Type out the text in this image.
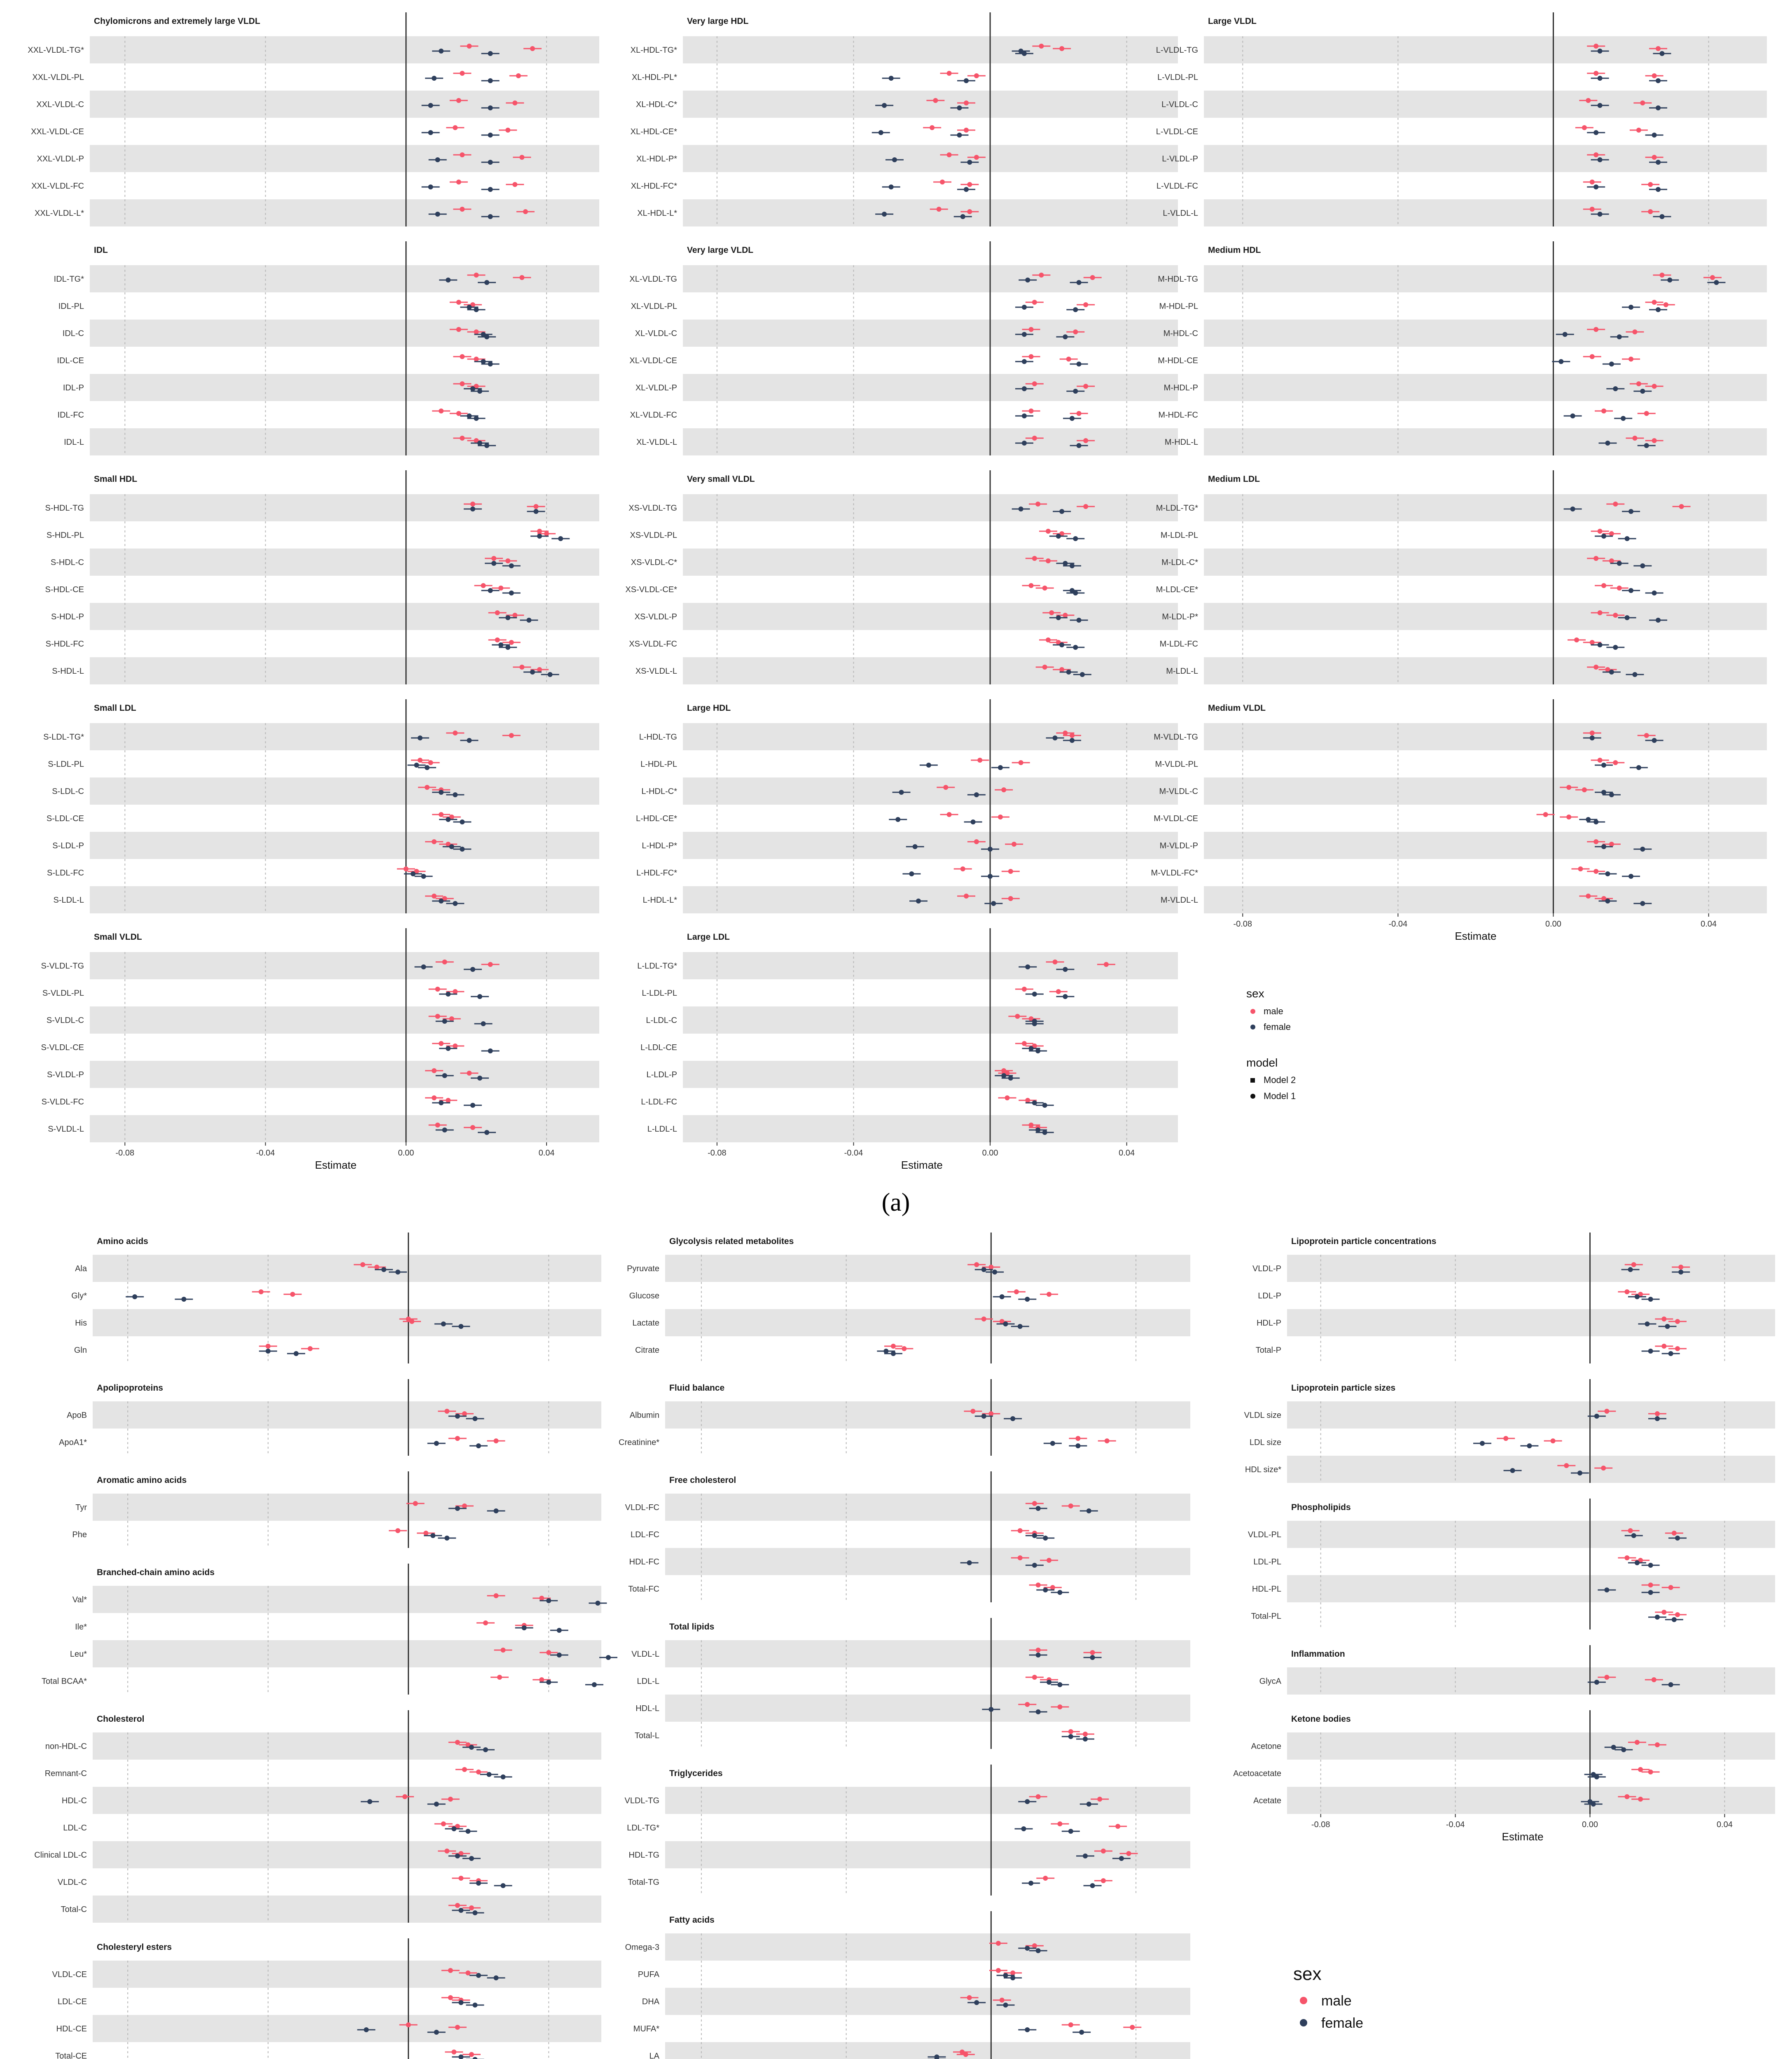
Chylomicrons and extremely large VLDL
XXL-VLDL-TG*
XXL-VLDL-PL
XXL-VLDL-C
XXL-VLDL-CE
XXL-VLDL-P
XXL-VLDL-FC
XXL-VLDL-L*
IDL
IDL-TG*
IDL-PL
IDL-C
IDL-CE
IDL-P
IDL-FC
IDL-L
Small HDL
S-HDL-TG
S-HDL-PL
S-HDL-C
S-HDL-CE
S-HDL-P
S-HDL-FC
S-HDL-L
Small LDL
S-LDL-TG*
S-LDL-PL
S-LDL-C
S-LDL-CE
S-LDL-P
S-LDL-FC
S-LDL-L
Small VLDL
S-VLDL-TG
S-VLDL-PL
S-VLDL-C
S-VLDL-CE
S-VLDL-P
S-VLDL-FC
S-VLDL-L
Very large HDL
XL-HDL-TG*
XL-HDL-PL*
XL-HDL-C*
XL-HDL-CE*
XL-HDL-P*
XL-HDL-FC*
XL-HDL-L*
Very large VLDL
XL-VLDL-TG
XL-VLDL-PL
XL-VLDL-C
XL-VLDL-CE
XL-VLDL-P
XL-VLDL-FC
XL-VLDL-L
Very small VLDL
XS-VLDL-TG
XS-VLDL-PL
XS-VLDL-C*
XS-VLDL-CE*
XS-VLDL-P
XS-VLDL-FC
XS-VLDL-L
Large HDL
L-HDL-TG
L-HDL-PL
L-HDL-C*
L-HDL-CE*
L-HDL-P*
L-HDL-FC*
L-HDL-L*
Large LDL
L-LDL-TG*
L-LDL-PL
L-LDL-C
L-LDL-CE
L-LDL-P
L-LDL-FC
L-LDL-L
Large VLDL
L-VLDL-TG
L-VLDL-PL
L-VLDL-C
L-VLDL-CE
L-VLDL-P
L-VLDL-FC
L-VLDL-L
Medium HDL
M-HDL-TG
M-HDL-PL
M-HDL-C
M-HDL-CE
M-HDL-P
M-HDL-FC
M-HDL-L
Medium LDL
M-LDL-TG*
M-LDL-PL
M-LDL-C*
M-LDL-CE*
M-LDL-P*
M-LDL-FC
M-LDL-L
Medium VLDL
M-VLDL-TG
M-VLDL-PL
M-VLDL-C
M-VLDL-CE
M-VLDL-P
M-VLDL-FC*
M-VLDL-L
-0.08	-0.04	0.00	0.04
Estimate
-0.08	-0.04	0.00	0.04
Estimate
-0.08	-0.04	0.00	0.04
Estimate
Amino acids
Ala
Gly*
His
Gln
Apolipoproteins
ApoB
ApoA1*
Aromatic amino acids
Tyr
Phe
Branched-chain amino acids
Val*
Ile*
Leu*
Total BCAA*
Cholesterol
non-HDL-C
Remnant-C
HDL-C
LDL-C
Clinical LDL-C
VLDL-C
Total-C
Cholesteryl esters
VLDL-CE
LDL-CE
HDL-CE
Total-CE
Glycolysis related metabolites
Pyruvate
Glucose
Lactate
Citrate
Fluid balance
Albumin
Creatinine*
Free cholesterol
VLDL-FC
LDL-FC
HDL-FC
Total-FC
Total lipids
VLDL-L
LDL-L
HDL-L
Total-L
Triglycerides
VLDL-TG
LDL-TG*
HDL-TG
Total-TG
Fatty acids
Omega-3
PUFA
DHA
MUFA*
LA
Lipoprotein particle concentrations
VLDL-P
LDL-P
HDL-P
Total-P
Lipoprotein particle sizes
VLDL size
LDL size
HDL size*
Phospholipids
VLDL-PL
LDL-PL
HDL-PL
Total-PL
Inflammation
GlycA
Ketone bodies
Acetone
Acetoacetate
Acetate
-0.08	-0.04	0.00	0.04
Estimate
(a)
sex
male
female
model
Model 2
Model 1
sex
male
female
